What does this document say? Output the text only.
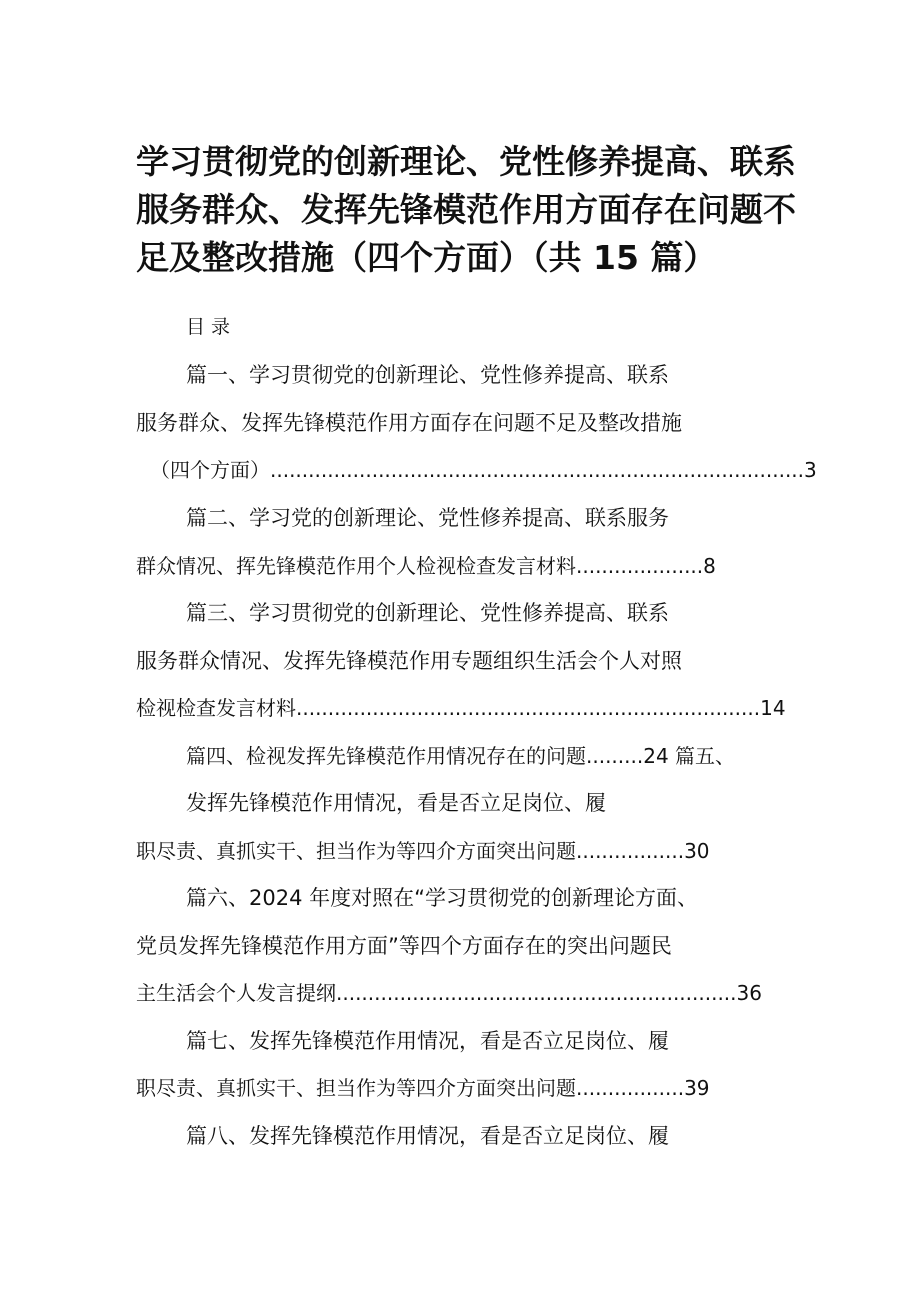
学习贯彻党的创新理论、党性修养提高、联系
服务群众、发挥先锋模范作用方面存在问题不
足及整改措施（四个方面）（共 15 篇）
目录
篇一、学习贯彻党的创新理论、党性修养提高、联系
服务群众、发挥先锋模范作用方面存在问题不足及整改措施
（四个方面）....................................................................................3
篇二、学习党的创新理论、党性修养提高、联系服务
群众情况、挥先锋模范作用个人检视检查发言材料....................8
篇三、学习贯彻党的创新理论、党性修养提高、联系
服务群众情况、发挥先锋模范作用专题组织生活会个人对照
检视检查发言材料.........................................................................14
篇四、检视发挥先锋模范作用情况存在的问题.........24 篇五、
发挥先锋模范作用情况，看是否立足岗位、履
职尽责、真抓实干、担当作为等四介方面突出问题.................30
篇六、2024 年度对照在“学习贯彻党的创新理论方面、
党员发挥先锋模范作用方面”等四个方面存在的突出问题民
主生活会个人发言提纲...............................................................36
篇七、发挥先锋模范作用情况，看是否立足岗位、履
职尽责、真抓实干、担当作为等四介方面突出问题.................39
篇八、发挥先锋模范作用情况，看是否立足岗位、履
